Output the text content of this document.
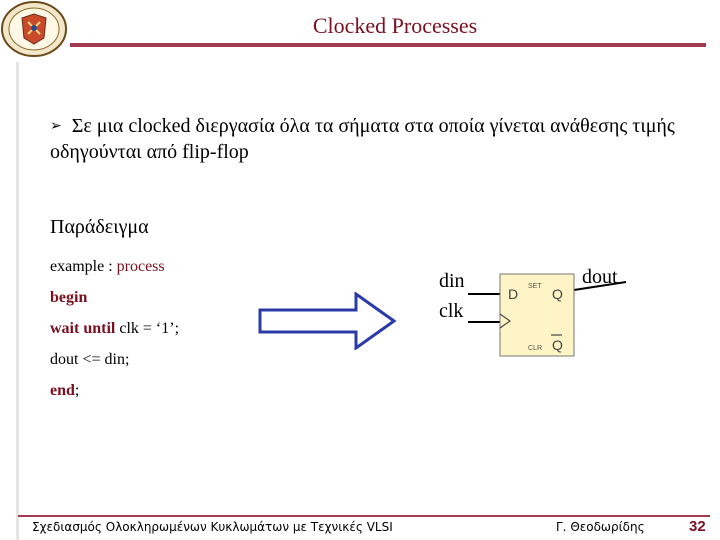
Clocked Processes
➢ Σε μια clocked διεργασία όλα τα σήματα στα οποία γίνεται ανάθεσης τιμής οδηγούνται από flip-flop
Παράδειγμα
example : process
begin
wait until clk = ‘1’;
dout <= din;
end;
din
clk
dout
D SET Q
CLR Q
Σχεδιασμός Ολοκληρωμένων Κυκλωμάτων με Τεχνικές VLSI	Γ. Θεοδωρίδης	32
